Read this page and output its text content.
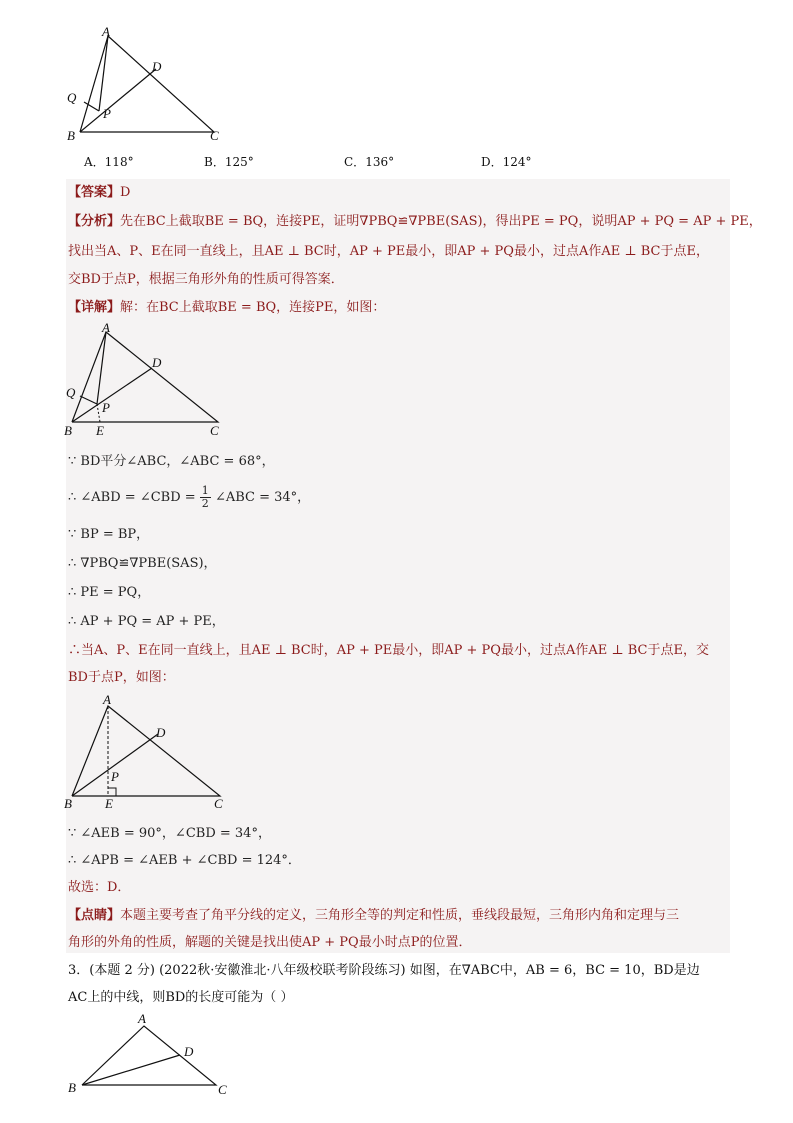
A
B	C
D
P
Q
A．118°	B．125°	C．136°	D．124°
【答案】D
【分析】先在BC上截取BE = BQ，连接PE，证明∇PBQ≌∇PBE(SAS)，得出PE = PQ，说明AP + PQ = AP + PE，
找出当A、P、E在同一直线上，且AE ⊥ BC时，AP + PE最小，即AP + PQ最小，过点A作AE ⊥ BC于点E，
交BD于点P，根据三角形外角的性质可得答案．
【详解】解：在BC上截取BE = BQ，连接PE，如图：
A
B	C
D
P
Q
E
∵ BD平分∠ABC，∠ABC = 68°，
∴ ∠ABD = ∠CBD = $\frac{1}{2}$ ∠ABC = 34°，
∵ BP = BP，
∴ ∇PBQ≌∇PBE(SAS)，
∴ PE = PQ，
∴ AP + PQ = AP + PE，
∴当A、P、E在同一直线上，且AE ⊥ BC时，AP + PE最小，即AP + PQ最小，过点A作AE ⊥ BC于点E，交
BD于点P，如图：
A
B	C
D
P
E
∵ ∠AEB = 90°，∠CBD = 34°，
∴ ∠APB = ∠AEB + ∠CBD = 124°．
故选：D．
【点睛】本题主要考查了角平分线的定义，三角形全等的判定和性质，垂线段最短，三角形内角和定理与三
角形的外角的性质，解题的关键是找出使AP + PQ最小时点P的位置．
3．(本题 2 分) (2022秋·安徽淮北·八年级校联考阶段练习) 如图，在∇ABC中，AB = 6，BC = 10，BD是边
AC上的中线，则BD的长度可能为（ ）
A
B	C
D
